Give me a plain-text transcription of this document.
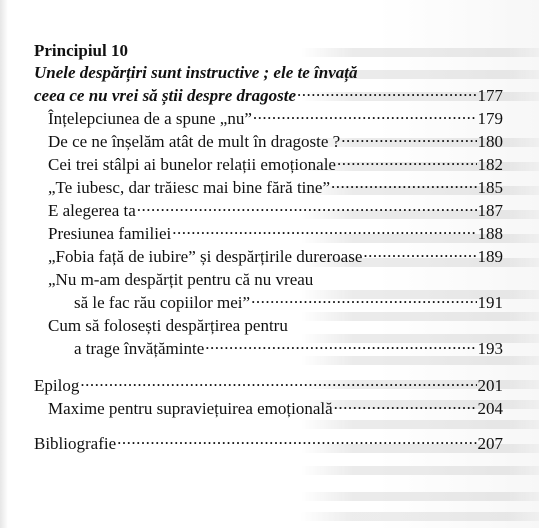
Principiul 10
Unele despărțiri sunt instructive ; ele te învață
ceea ce nu vrei să știi despre dragoste .....	177
Înțelepciunea de a spune „nu” .....	179
De ce ne înșelăm atât de mult în dragoste ? .....	180
Cei trei stâlpi ai bunelor relații emoționale .....	182
„Te iubesc, dar trăiesc mai bine fără tine” .....	185
E alegerea ta .....	187
Presiunea familiei .....	188
„Fobia față de iubire” și despărțirile dureroase .....	189
„Nu m-am despărțit pentru că nu vreau
să le fac rău copiilor mei” .....	191
Cum să folosești despărțirea pentru
a trage învățăminte .....	193
Epilog .....	201
Maxime pentru supraviețuirea emoțională .....	204
Bibliografie .....	207
